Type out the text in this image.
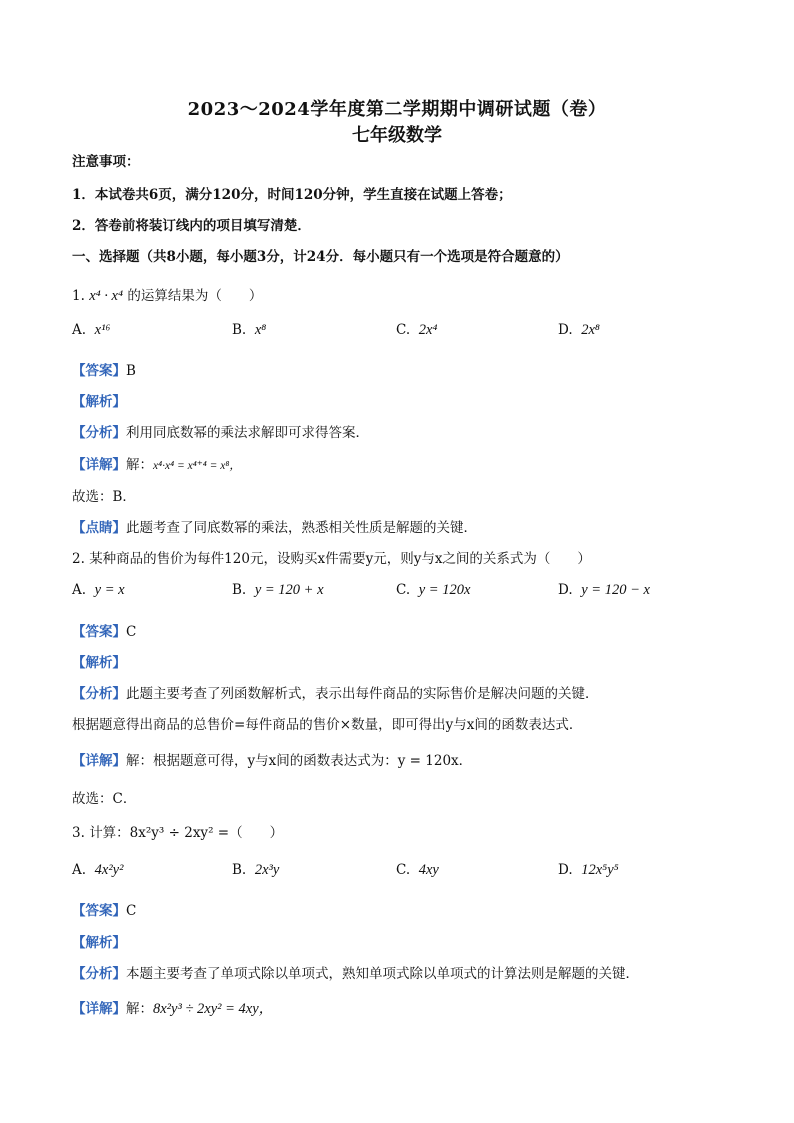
2023～2024学年度第二学期期中调研试题（卷）
七年级数学
注意事项：
1．本试卷共6页，满分120分，时间120分钟，学生直接在试题上答卷；
2．答卷前将装订线内的项目填写清楚．
一、选择题（共8小题，每小题3分，计24分．每小题只有一个选项是符合题意的）
1. x⁴ · x⁴ 的运算结果为（　　）
A. x¹⁶	B. x⁸	C. 2x⁴	D. 2x⁸
【答案】B
【解析】
【分析】利用同底数幂的乘法求解即可求得答案．
【详解】解：x⁴·x⁴ = x⁴⁺⁴ = x⁸，
故选：B．
【点睛】此题考查了同底数幂的乘法，熟悉相关性质是解题的关键．
2. 某种商品的售价为每件120元，设购买x件需要y元，则y与x之间的关系式为（　　）
A. y = x	B. y = 120 + x	C. y = 120x	D. y = 120 − x
【答案】C
【解析】
【分析】此题主要考查了列函数解析式，表示出每件商品的实际售价是解决问题的关键．
根据题意得出商品的总售价=每件商品的售价×数量，即可得出y与x间的函数表达式．
【详解】解：根据题意可得，y与x间的函数表达式为：y = 120x．
故选：C．
3. 计算：8x²y³ ÷ 2xy² =（　　）
A. 4x²y²	B. 2x³y	C. 4xy	D. 12x⁵y⁵
【答案】C
【解析】
【分析】本题主要考查了单项式除以单项式，熟知单项式除以单项式的计算法则是解题的关键．
【详解】解：8x²y³ ÷ 2xy² = 4xy，
